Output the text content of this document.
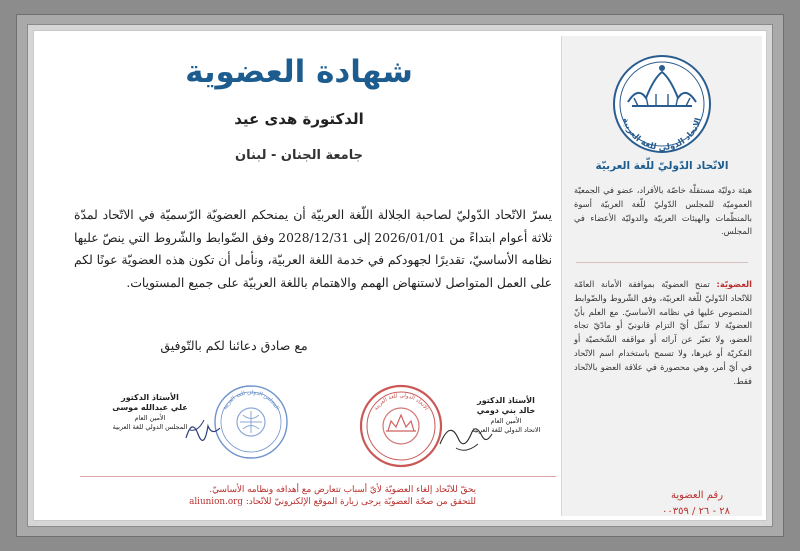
شهادة العضوية
الدكتورة هدى عيد
جامعة الجنان - لبنان
يسرّ الاتّحاد الدّوليّ لصاحبة الجلالة اللّغة العربيّة أن يمنحكم العضويّة الرّسميّة في الاتّحاد لمدّة ثلاثة أعوام ابتداءً من 2026/01/01 إلى 2028/12/31 وفق الضّوابط والشّروط التي ينصّ عليها نظامه الأساسيّ، تقديرًا لجهودكم في خدمة اللغة العربيّة، ونأمل أن تكون هذه العضويّة عونًا لكم على العمل المتواصل لاستنهاض الهمم والاهتمام باللغة العربيّة على جميع المستويات.
مع صادق دعائنا لكم بالتّوفيق
المجلس الدولي للغة العربية	الاتحاد الدولي للغة العربية
الأستاذ الدكتور
علي عبدالله موسى
الأمين العام
المجلس الدولي للغة العربية
الأستاذ الدكتور
خالد بني دومي
الأمين العام
الاتحاد الدولي للغة العربية
يحقّ للاتّحاد إلغاء العضويّة لأيّ أسباب تتعارض مع أهدافه ونظامه الأساسيّ.
للتحقق من صحّة العضويّة يرجى زيارة الموقع الإلكترونيّ للاتّحاد: aliunion.org
الاتحاد الدولي للغة العربية
الاتّحاد الدّوليّ للّغة العربيّة
هيئة دوليّة مستقلّة خاصّة بالأفراد، عضو في الجمعيّة العموميّة للمجلس الدّوليّ للّغة العربيّة أسوة بالمنظّمات والهيئات العربيّة والدوليّة الأعضاء في المجلس.
العضويّة: تمنح العضويّة بموافقة الأمانة العامّة للاتّحاد الدّوليّ للّغة العربيّة، وفق الشّروط والضّوابط المنصوص عليها في نظامه الأساسيّ. مع العلم بأنّ العضويّة لا تمثّل أيّ التزام قانونيّ أو مادّيّ تجاه العضو، ولا تعبّر عن آرائه أو مواقفه الشّخصيّة أو الفكريّة أو غيرها، ولا تسمح باستخدام اسم الاتّحاد في أيّ أمر، وهي محصورة في علاقة العضو بالاتّحاد فقط.
رقم العضوية
٢٨ - ٢٦ / ٠٠٣٥٩
